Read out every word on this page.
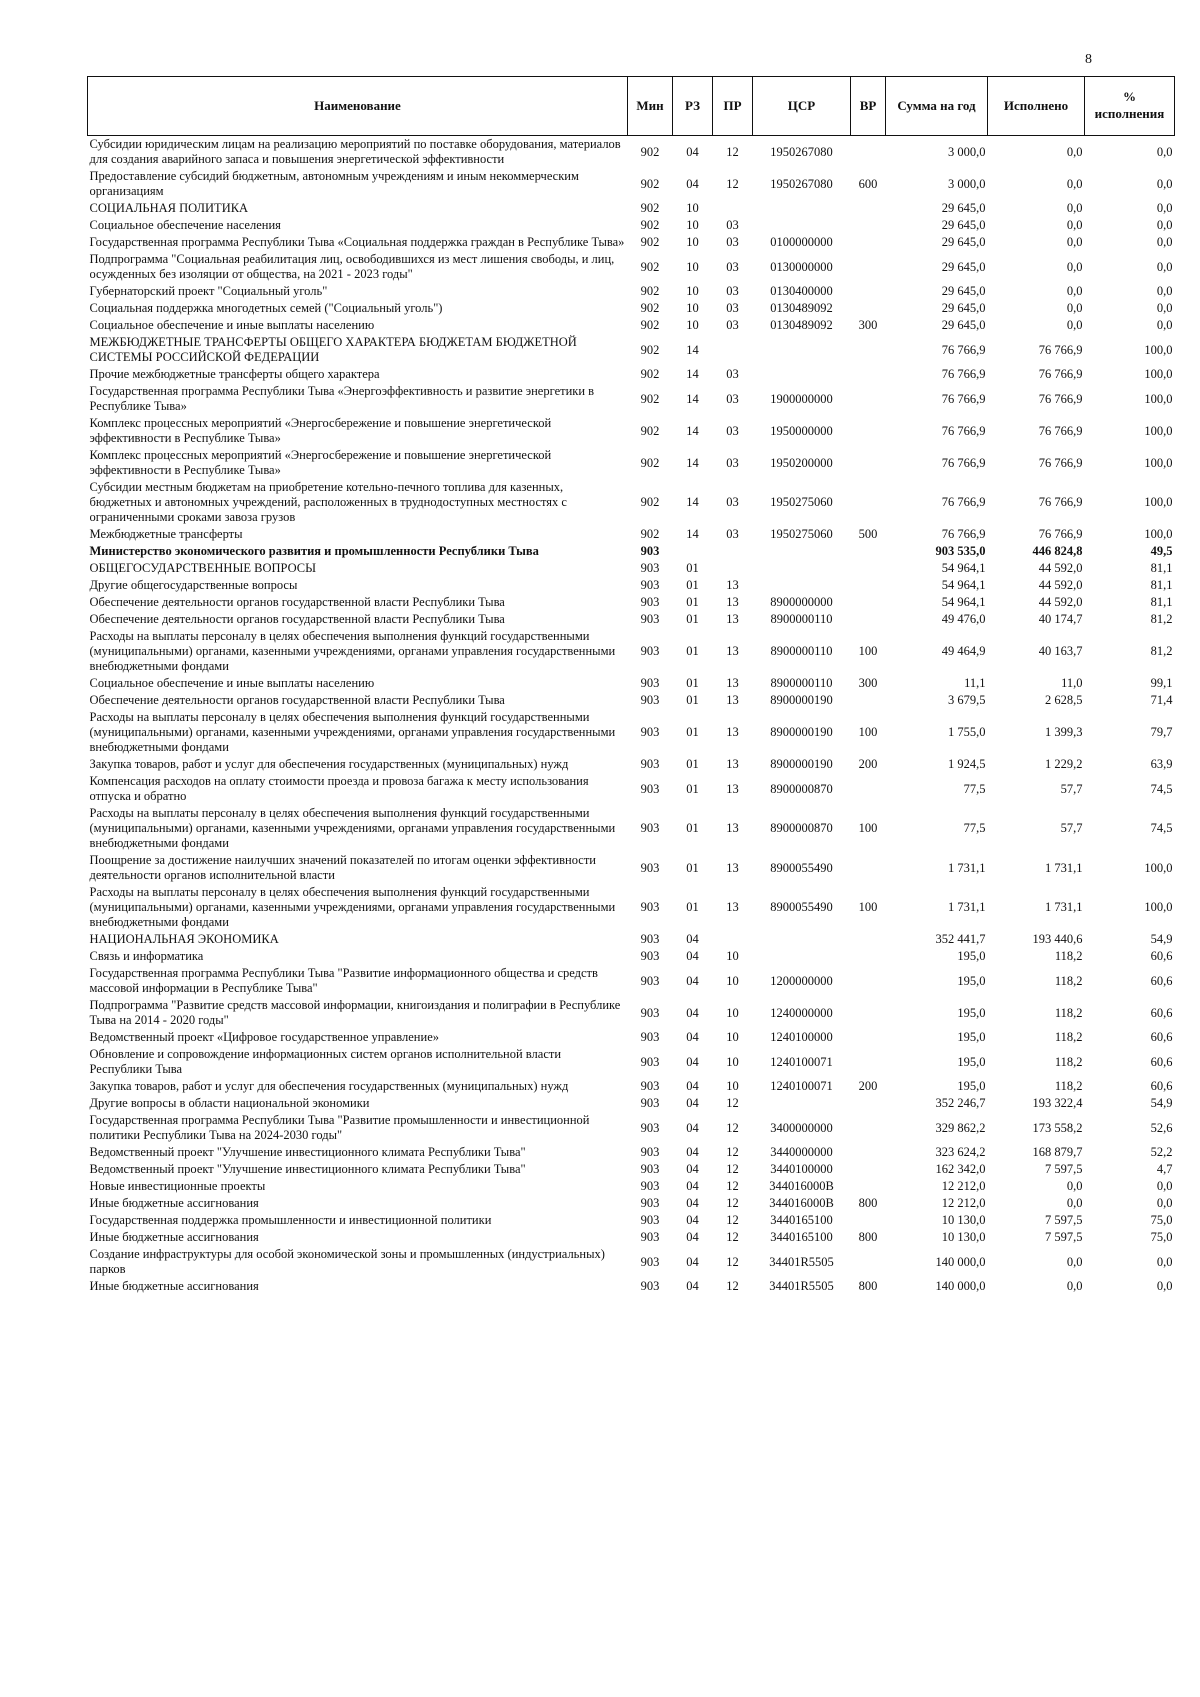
8
Наименование	Мин	РЗ	ПР	ЦСР	ВР	Сумма на год	Исполнено	% исполнения
Субсидии юридическим лицам на реализацию мероприятий по поставке оборудования, материалов для создания аварийного запаса и повышения энергетической эффективности	902	04	12	1950267080		3 000,0	0,0	0,0
Предоставление субсидий бюджетным, автономным учреждениям и иным некоммерческим организациям	902	04	12	1950267080	600	3 000,0	0,0	0,0
СОЦИАЛЬНАЯ ПОЛИТИКА	902	10				29 645,0	0,0	0,0
Социальное обеспечение населения	902	10	03			29 645,0	0,0	0,0
Государственная программа Республики Тыва «Социальная поддержка граждан в Республике Тыва»	902	10	03	0100000000		29 645,0	0,0	0,0
Подпрограмма "Социальная реабилитация лиц, освободившихся из мест лишения свободы, и лиц, осужденных без изоляции от общества, на 2021 - 2023 годы"	902	10	03	0130000000		29 645,0	0,0	0,0
Губернаторский проект "Социальный уголь"	902	10	03	0130400000		29 645,0	0,0	0,0
Социальная поддержка многодетных семей ("Социальный уголь")	902	10	03	0130489092		29 645,0	0,0	0,0
Социальное обеспечение и иные выплаты населению	902	10	03	0130489092	300	29 645,0	0,0	0,0
МЕЖБЮДЖЕТНЫЕ ТРАНСФЕРТЫ ОБЩЕГО ХАРАКТЕРА БЮДЖЕТАМ БЮДЖЕТНОЙ СИСТЕМЫ РОССИЙСКОЙ ФЕДЕРАЦИИ	902	14				76 766,9	76 766,9	100,0
Прочие межбюджетные трансферты общего характера	902	14	03			76 766,9	76 766,9	100,0
Государственная программа Республики Тыва «Энергоэффективность и развитие энергетики в Республике Тыва»	902	14	03	1900000000		76 766,9	76 766,9	100,0
Комплекс процессных мероприятий «Энергосбережение и повышение энергетической эффективности в Республике Тыва»	902	14	03	1950000000		76 766,9	76 766,9	100,0
Комплекс процессных мероприятий «Энергосбережение и повышение энергетической эффективности в Республике Тыва»	902	14	03	1950200000		76 766,9	76 766,9	100,0
Субсидии местным бюджетам на приобретение котельно-печного топлива для казенных, бюджетных и автономных учреждений, расположенных в труднодоступных местностях с ограниченными сроками завоза грузов	902	14	03	1950275060		76 766,9	76 766,9	100,0
Межбюджетные трансферты	902	14	03	1950275060	500	76 766,9	76 766,9	100,0
Министерство экономического развития и промышленности Республики Тыва	903					903 535,0	446 824,8	49,5
ОБЩЕГОСУДАРСТВЕННЫЕ ВОПРОСЫ	903	01				54 964,1	44 592,0	81,1
Другие общегосударственные вопросы	903	01	13			54 964,1	44 592,0	81,1
Обеспечение деятельности органов государственной власти Республики Тыва	903	01	13	8900000000		54 964,1	44 592,0	81,1
Обеспечение деятельности органов государственной власти Республики Тыва	903	01	13	8900000110		49 476,0	40 174,7	81,2
Расходы на выплаты персоналу в целях обеспечения выполнения функций государственными (муниципальными) органами, казенными учреждениями, органами управления государственными внебюджетными фондами	903	01	13	8900000110	100	49 464,9	40 163,7	81,2
Социальное обеспечение и иные выплаты населению	903	01	13	8900000110	300	11,1	11,0	99,1
Обеспечение деятельности органов государственной власти Республики Тыва	903	01	13	8900000190		3 679,5	2 628,5	71,4
Расходы на выплаты персоналу в целях обеспечения выполнения функций государственными (муниципальными) органами, казенными учреждениями, органами управления государственными внебюджетными фондами	903	01	13	8900000190	100	1 755,0	1 399,3	79,7
Закупка товаров, работ и услуг для обеспечения государственных (муниципальных) нужд	903	01	13	8900000190	200	1 924,5	1 229,2	63,9
Компенсация расходов на оплату стоимости проезда и провоза багажа к месту использования отпуска и обратно	903	01	13	8900000870		77,5	57,7	74,5
Расходы на выплаты персоналу в целях обеспечения выполнения функций государственными (муниципальными) органами, казенными учреждениями, органами управления государственными внебюджетными фондами	903	01	13	8900000870	100	77,5	57,7	74,5
Поощрение за достижение наилучших значений показателей по итогам оценки эффективности деятельности органов исполнительной власти	903	01	13	8900055490		1 731,1	1 731,1	100,0
Расходы на выплаты персоналу в целях обеспечения выполнения функций государственными (муниципальными) органами, казенными учреждениями, органами управления государственными внебюджетными фондами	903	01	13	8900055490	100	1 731,1	1 731,1	100,0
НАЦИОНАЛЬНАЯ ЭКОНОМИКА	903	04				352 441,7	193 440,6	54,9
Связь и информатика	903	04	10			195,0	118,2	60,6
Государственная программа Республики Тыва "Развитие информационного общества и средств массовой информации в Республике Тыва"	903	04	10	1200000000		195,0	118,2	60,6
Подпрограмма "Развитие средств массовой информации, книгоиздания и полиграфии в Республике Тыва на 2014 - 2020 годы"	903	04	10	1240000000		195,0	118,2	60,6
Ведомственный проект «Цифровое государственное управление»	903	04	10	1240100000		195,0	118,2	60,6
Обновление и сопровождение информационных систем органов исполнительной власти Республики Тыва	903	04	10	1240100071		195,0	118,2	60,6
Закупка товаров, работ и услуг для обеспечения государственных (муниципальных) нужд	903	04	10	1240100071	200	195,0	118,2	60,6
Другие вопросы в области национальной экономики	903	04	12			352 246,7	193 322,4	54,9
Государственная программа Республики Тыва "Развитие промышленности и инвестиционной политики Республики Тыва на 2024-2030 годы"	903	04	12	3400000000		329 862,2	173 558,2	52,6
Ведомственный проект "Улучшение инвестиционного климата Республики Тыва"	903	04	12	3440000000		323 624,2	168 879,7	52,2
Ведомственный проект "Улучшение инвестиционного климата Республики Тыва"	903	04	12	3440100000		162 342,0	7 597,5	4,7
Новые инвестиционные проекты	903	04	12	344016000В		12 212,0	0,0	0,0
Иные бюджетные ассигнования	903	04	12	344016000В	800	12 212,0	0,0	0,0
Государственная поддержка промышленности и инвестиционной политики	903	04	12	3440165100		10 130,0	7 597,5	75,0
Иные бюджетные ассигнования	903	04	12	3440165100	800	10 130,0	7 597,5	75,0
Создание инфраструктуры для особой экономической зоны и промышленных (индустриальных) парков	903	04	12	34401R5505		140 000,0	0,0	0,0
Иные бюджетные ассигнования	903	04	12	34401R5505	800	140 000,0	0,0	0,0
